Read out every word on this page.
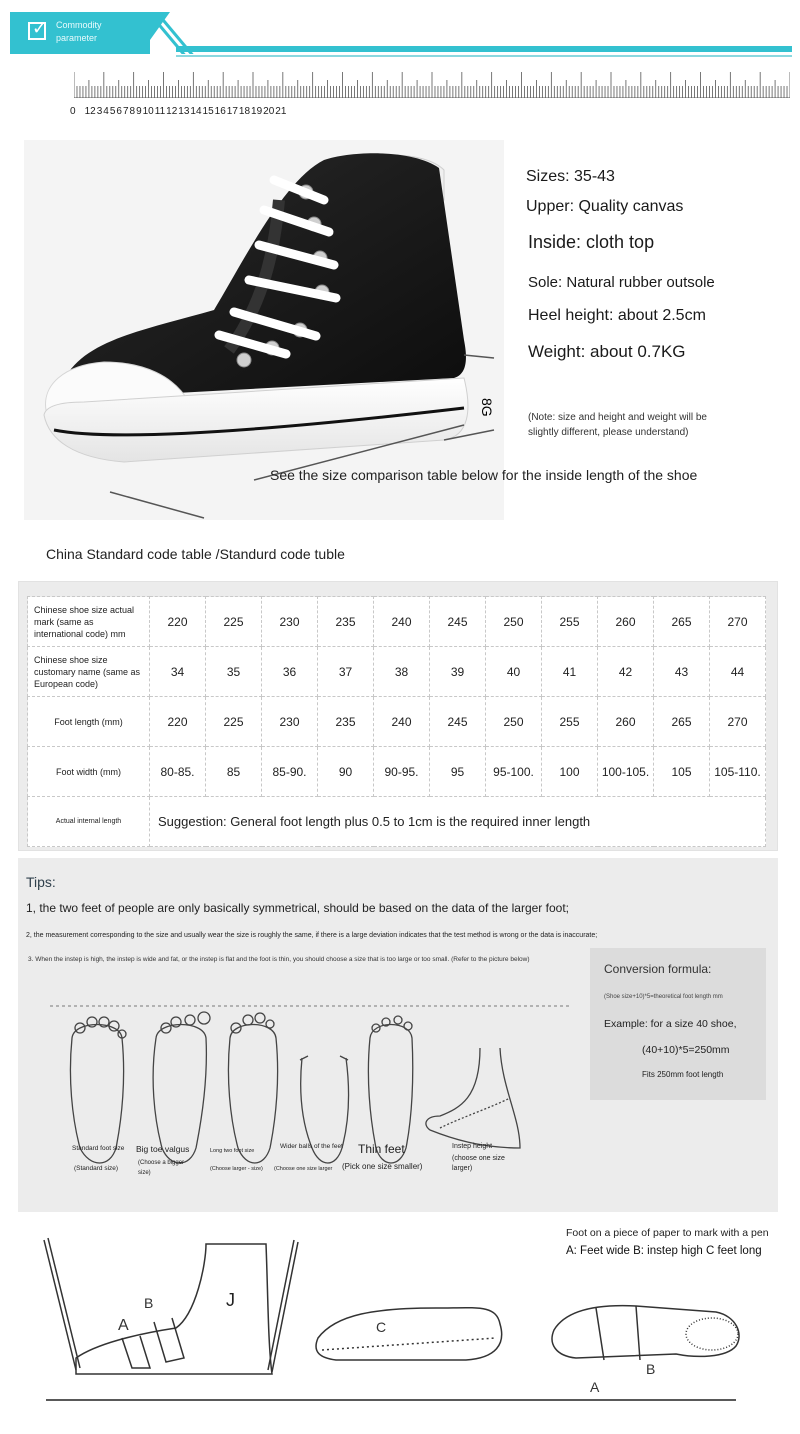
✓ Commodity
parameter
0 123456789101112131415161718192021
8G
Sizes: 35-43
Upper: Quality canvas
Inside: cloth top
Sole: Natural rubber outsole
Heel height: about 2.5cm
Weight: about 0.7KG
(Note: size and height and weight will be slightly different, please understand)
See the size comparison table below for the inside length of the shoe
China Standard code table /Standurd code tuble
Chinese shoe size actual mark (same as international code) mm	220	225	230	235	240	245	250	255	260	265	270
Chinese shoe size customary name (same as European code)	34	35	36	37	38	39	40	41	42	43	44
Foot length (mm)	220	225	230	235	240	245	250	255	260	265	270
Foot width (mm)	80-85.	85	85-90.	90	90-95.	95	95-100.	100	100-105.	105	105-110.
Actual internal length	Suggestion: General foot length plus 0.5 to 1cm is the required inner length										
Tips:
1, the two feet of people are only basically symmetrical, should be based on the data of the larger foot;
2, the measurement corresponding to the size and usually wear the size is roughly the same, if there is a large deviation indicates that the test method is wrong or the data is inaccurate;
3. When the instep is high, the instep is wide and fat, or the instep is flat and the foot is thin, you should choose a size that is too large or too small. (Refer to the picture below)
Conversion formula:
(Shoe size+10)*5=theoretical foot length mm
Example: for a size 40 shoe,
(40+10)*5=250mm
Fits 250mm foot length
Standard foot size
(Standard size)
Big toe valgus
(Choose a bigger size)
Long two foot size
(Choose larger - size)
Wider balls of the feet
(Choose one size larger
Thin feet
(Pick one size smaller)
Instep height
(choose one size larger)
Foot on a piece of paper to mark with a pen
A: Feet wide B: instep high C feet long
A
B	J
C
A
B
